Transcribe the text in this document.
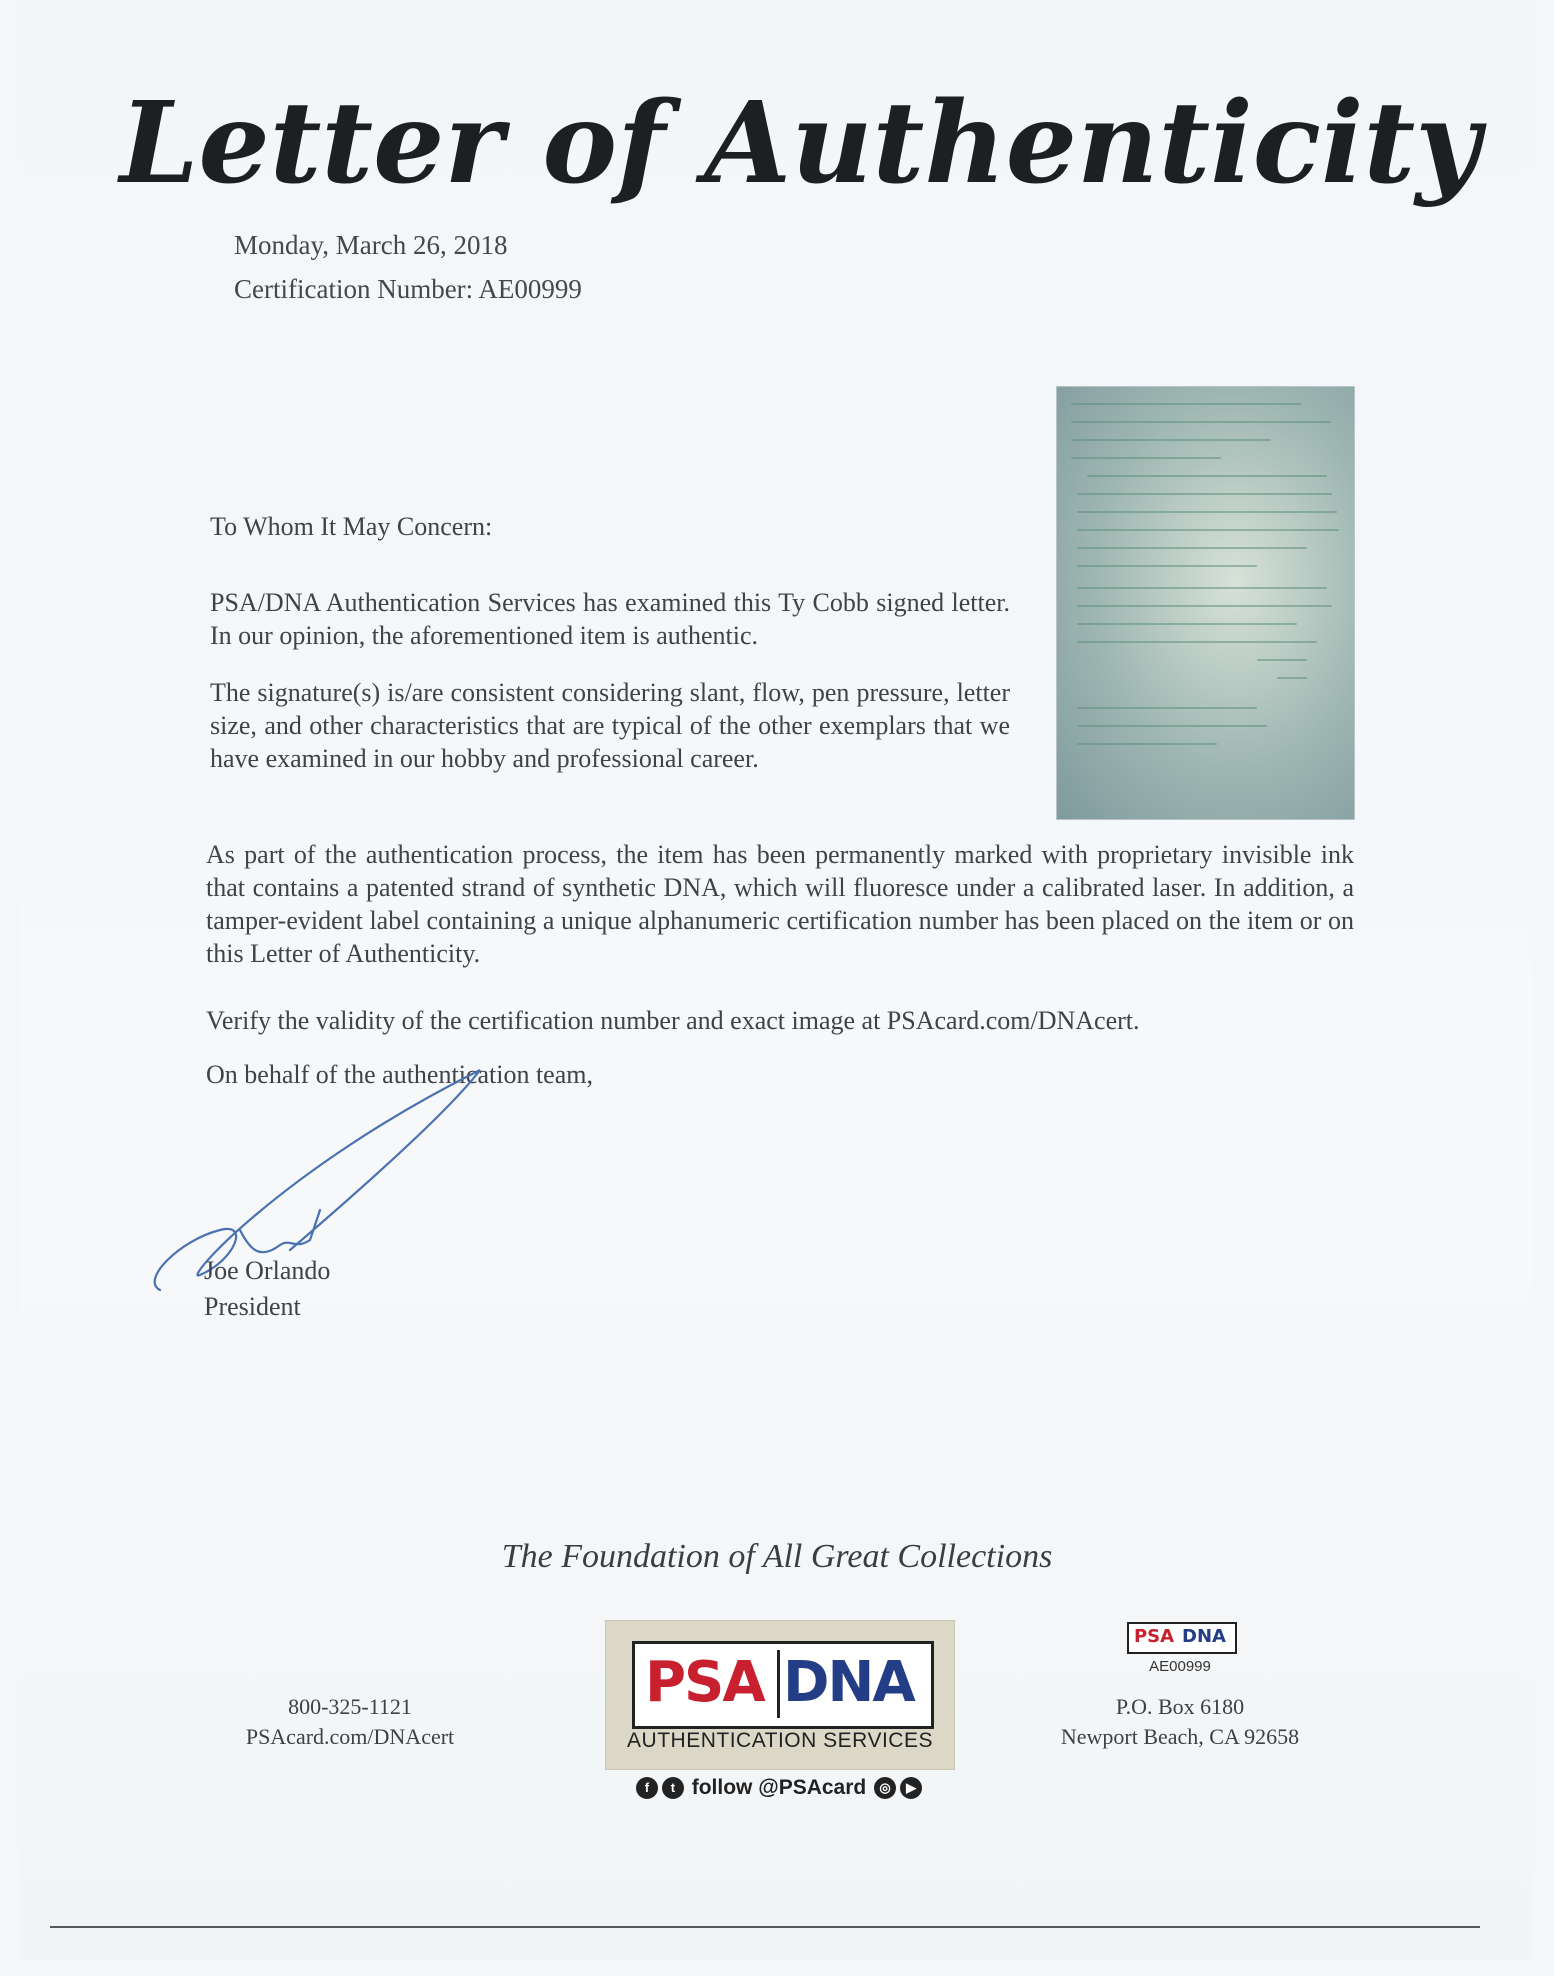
Letter of Authenticity
Monday, March 26, 2018
Certification Number: AE00999
To Whom It May Concern:
PSA/DNA Authentication Services has examined this Ty Cobb signed letter. In our opinion, the aforementioned item is authentic.
The signature(s) is/are consistent considering slant, flow, pen pressure, letter size, and other characteristics that are typical of the other exemplars that we have examined in our hobby and professional career.
As part of the authentication process, the item has been permanently marked with proprietary invisible ink that contains a patented strand of synthetic DNA, which will fluoresce under a calibrated laser. In addition, a tamper-evident label containing a unique alphanumeric certification number has been placed on the item or on this Letter of Authenticity.
Verify the validity of the certification number and exact image at PSAcard.com/DNAcert.
On behalf of the authentication team,
Joe Orlando
President
The Foundation of All Great Collections
800-325-1121
PSAcard.com/DNAcert
PSA DNA
AUTHENTICATION SERVICES
f t follow @PSAcard ◎ ▶
PSA DNA
AE00999
P.O. Box 6180
Newport Beach, CA 92658
